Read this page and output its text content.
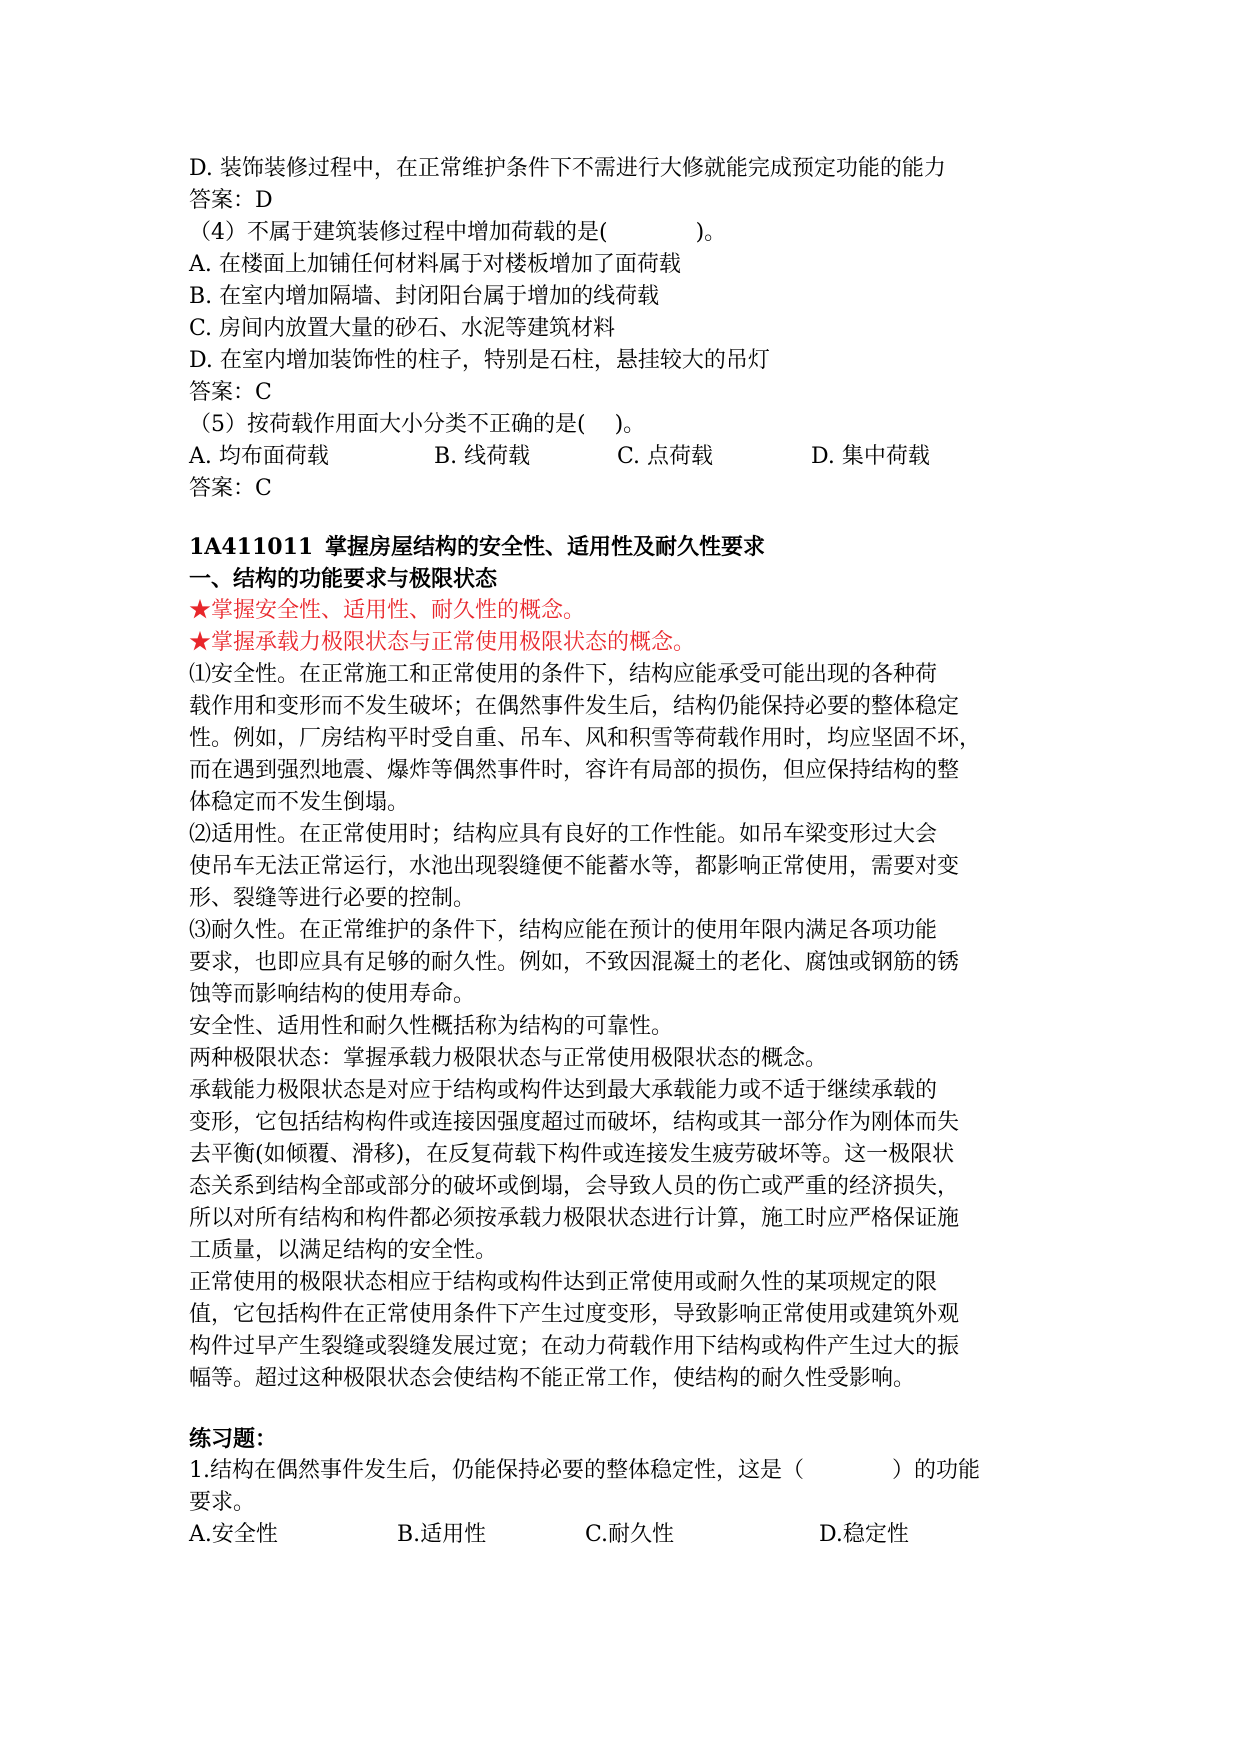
D. 装饰装修过程中，在正常维护条件下不需进行大修就能完成预定功能的能力
答案：D
（4）不属于建筑装修过程中增加荷载的是(　　　　)。
A. 在楼面上加铺任何材料属于对楼板增加了面荷载
B. 在室内增加隔墙、封闭阳台属于增加的线荷载
C. 房间内放置大量的砂石、水泥等建筑材料
D. 在室内增加装饰性的柱子，特别是石柱，悬挂较大的吊灯
答案：C
（5）按荷载作用面大小分类不正确的是(　 )。
A. 均布面荷载	B. 线荷载	C. 点荷载	D. 集中荷载
答案：C
1A411011 掌握房屋结构的安全性、适用性及耐久性要求
一、结构的功能要求与极限状态
★掌握安全性、适用性、耐久性的概念。
★掌握承载力极限状态与正常使用极限状态的概念。
⑴安全性。在正常施工和正常使用的条件下，结构应能承受可能出现的各种荷
载作用和变形而不发生破坏；在偶然事件发生后，结构仍能保持必要的整体稳定
性。例如，厂房结构平时受自重、吊车、风和积雪等荷载作用时，均应坚固不坏，
而在遇到强烈地震、爆炸等偶然事件时，容许有局部的损伤，但应保持结构的整
体稳定而不发生倒塌。
⑵适用性。在正常使用时；结构应具有良好的工作性能。如吊车梁变形过大会
使吊车无法正常运行，水池出现裂缝便不能蓄水等，都影响正常使用，需要对变
形、裂缝等进行必要的控制。
⑶耐久性。在正常维护的条件下，结构应能在预计的使用年限内满足各项功能
要求，也即应具有足够的耐久性。例如，不致因混凝土的老化、腐蚀或钢筋的锈
蚀等而影响结构的使用寿命。
安全性、适用性和耐久性概括称为结构的可靠性。
两种极限状态：掌握承载力极限状态与正常使用极限状态的概念。
承载能力极限状态是对应于结构或构件达到最大承载能力或不适于继续承载的
变形，它包括结构构件或连接因强度超过而破坏，结构或其一部分作为刚体而失
去平衡(如倾覆、滑移)，在反复荷载下构件或连接发生疲劳破坏等。这一极限状
态关系到结构全部或部分的破坏或倒塌，会导致人员的伤亡或严重的经济损失，
所以对所有结构和构件都必须按承载力极限状态进行计算，施工时应严格保证施
工质量，以满足结构的安全性。
正常使用的极限状态相应于结构或构件达到正常使用或耐久性的某项规定的限
值，它包括构件在正常使用条件下产生过度变形，导致影响正常使用或建筑外观
构件过早产生裂缝或裂缝发展过宽；在动力荷载作用下结构或构件产生过大的振
幅等。超过这种极限状态会使结构不能正常工作，使结构的耐久性受影响。
练习题：
1.结构在偶然事件发生后，仍能保持必要的整体稳定性，这是（　　　　）的功能
要求。
A.安全性	B.适用性	C.耐久性	D.稳定性
